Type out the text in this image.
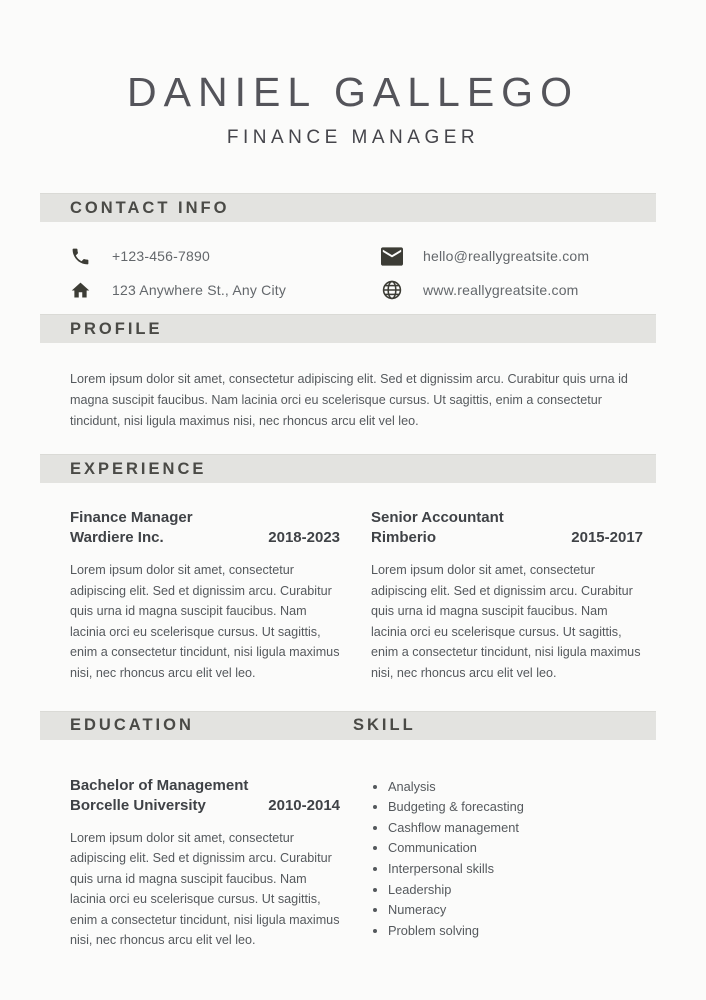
DANIEL GALLEGO
FINANCE MANAGER
CONTACT INFO
+123-456-7890
123 Anywhere St., Any City
hello@reallygreatsite.com
www.reallygreatsite.com
PROFILE

Lorem ipsum dolor sit amet, consectetur adipiscing elit. Sed et dignissim arcu. Curabitur quis urna id magna suscipit faucibus. Nam lacinia orci eu scelerisque cursus. Ut sagittis, enim a consectetur tincidunt, nisi ligula maximus nisi, nec rhoncus arcu elit vel leo.

EXPERIENCE
Finance Manager
Wardiere Inc.	2018-2023

Lorem ipsum dolor sit amet, consectetur adipiscing elit. Sed et dignissim arcu. Curabitur quis urna id magna suscipit faucibus. Nam lacinia orci eu scelerisque cursus. Ut sagittis, enim a consectetur tincidunt, nisi ligula maximus nisi, nec rhoncus arcu elit vel leo.

Senior Accountant
Rimberio	2015-2017

Lorem ipsum dolor sit amet, consectetur adipiscing elit. Sed et dignissim arcu. Curabitur quis urna id magna suscipit faucibus. Nam lacinia orci eu scelerisque cursus. Ut sagittis, enim a consectetur tincidunt, nisi ligula maximus nisi, nec rhoncus arcu elit vel leo.

EDUCATION	SKILL
Bachelor of Management
Borcelle University	2010-2014

Lorem ipsum dolor sit amet, consectetur adipiscing elit. Sed et dignissim arcu. Curabitur quis urna id magna suscipit faucibus. Nam lacinia orci eu scelerisque cursus. Ut sagittis, enim a consectetur tincidunt, nisi ligula maximus nisi, nec rhoncus arcu elit vel leo.

• Analysis
• Budgeting & forecasting
• Cashflow management
• Communication
• Interpersonal skills
• Leadership
• Numeracy
• Problem solving
